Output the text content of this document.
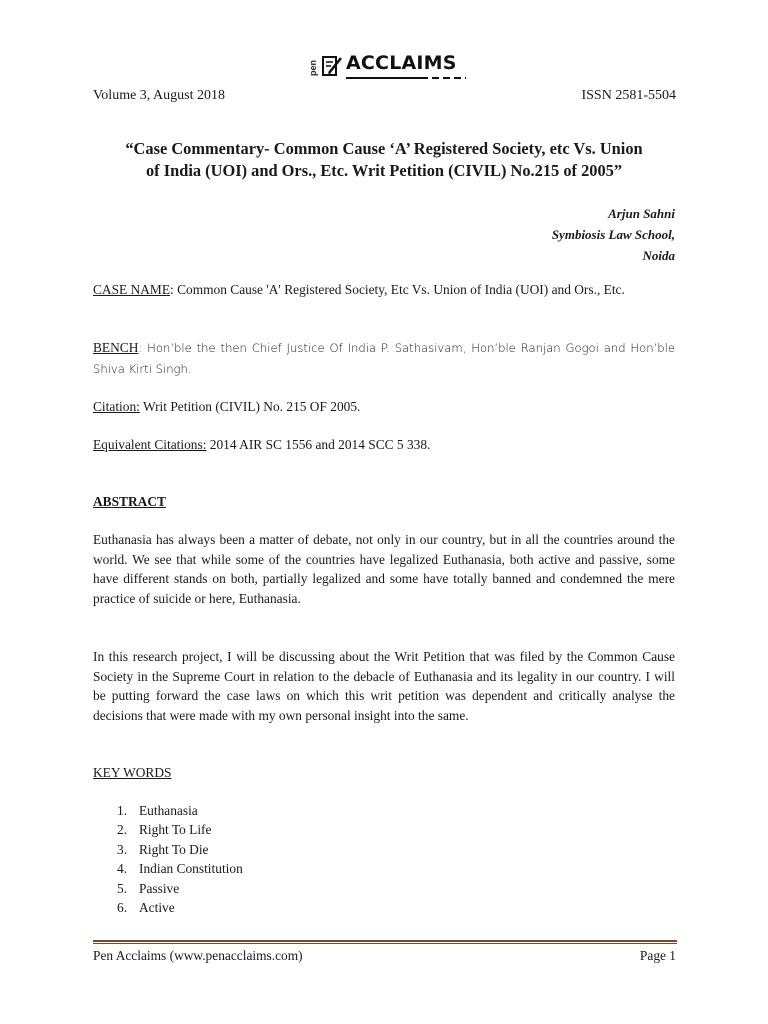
pen ACCLAIMS
Volume 3, August 2018	ISSN 2581-5504
“Case Commentary- Common Cause ‘A’ Registered Society, etc Vs. Union
of India (UOI) and Ors., Etc. Writ Petition (CIVIL) No.215 of 2005”
Arjun Sahni
Symbiosis Law School,
Noida
CASE NAME: Common Cause 'A' Registered Society, Etc Vs. Union of India (UOI) and Ors., Etc.
BENCH: Hon’ble the then Chief Justice Of India P. Sathasivam, Hon’ble Ranjan Gogoi and Hon’ble Shiva Kirti Singh.
Citation: Writ Petition (CIVIL) No. 215 OF 2005.
Equivalent Citations: 2014 AIR SC 1556 and 2014 SCC 5 338.
ABSTRACT
Euthanasia has always been a matter of debate, not only in our country, but in all the countries around the world. We see that while some of the countries have legalized Euthanasia, both active and passive, some have different stands on both, partially legalized and some have totally banned and condemned the mere practice of suicide or here, Euthanasia.
In this research project, I will be discussing about the Writ Petition that was filed by the Common Cause Society in the Supreme Court in relation to the debacle of Euthanasia and its legality in our country. I will be putting forward the case laws on which this writ petition was dependent and critically analyse the decisions that were made with my own personal insight into the same.
KEY WORDS
1. Euthanasia
2. Right To Life
3. Right To Die
4. Indian Constitution
5. Passive
6. Active
Pen Acclaims (www.penacclaims.com)	Page 1
